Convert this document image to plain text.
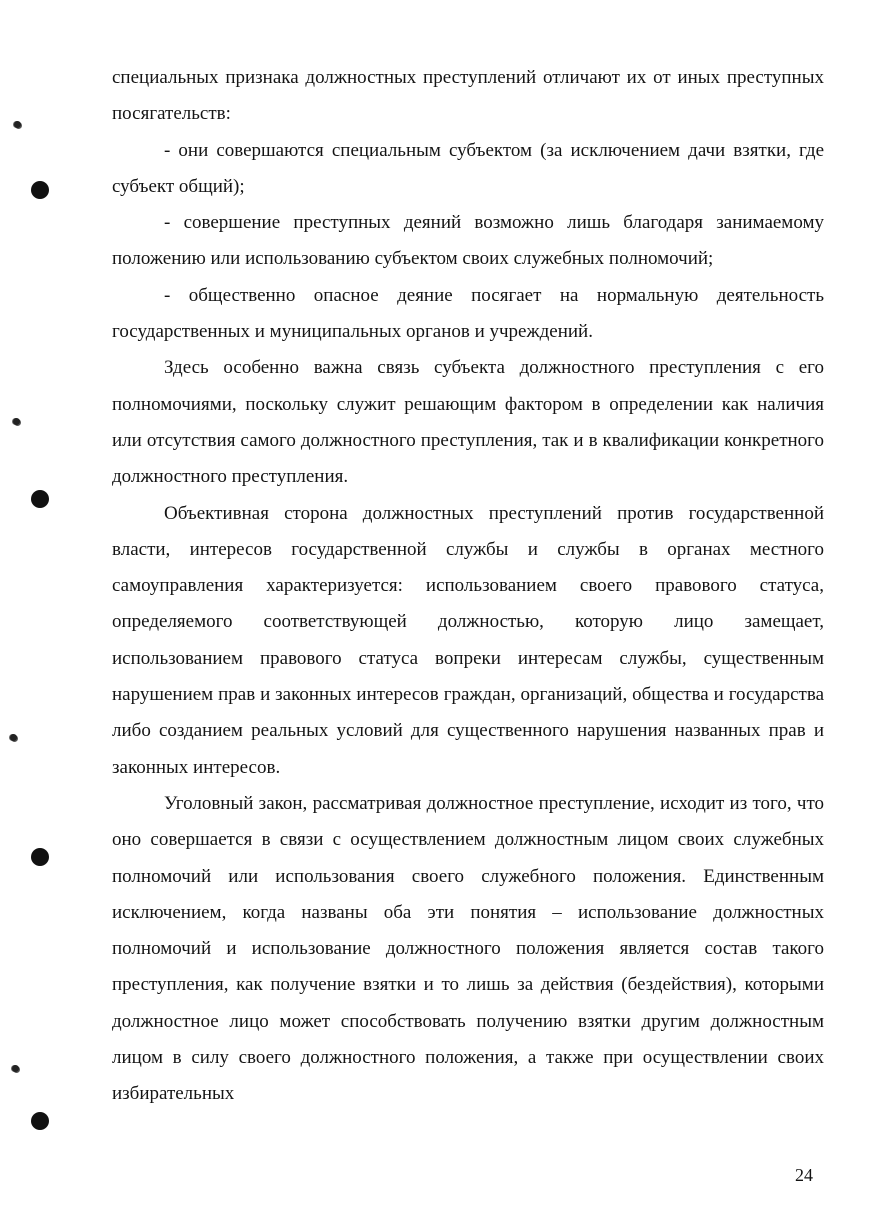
специальных признака должностных преступлений отличают их от иных преступных посягательств:

- они совершаются специальным субъектом (за исключением дачи взятки, где субъект общий);

- совершение преступных деяний возможно лишь благодаря занимаемому положению или использованию субъектом своих служебных полномочий;

- общественно опасное деяние посягает на нормальную деятельность государственных и муниципальных органов и учреждений.

Здесь особенно важна связь субъекта должностного преступления с его полномочиями, поскольку служит решающим фактором в определении как наличия или отсутствия самого должностного преступления, так и в квалификации конкретного должностного преступления.

Объективная сторона должностных преступлений против государственной власти, интересов государственной службы и службы в органах местного самоуправления характеризуется: использованием своего правового статуса, определяемого соответствующей должностью, которую лицо замещает, использованием правового статуса вопреки интересам службы, существенным нарушением прав и законных интересов граждан, организаций, общества и государства либо созданием реальных условий для существенного нарушения названных прав и законных интересов.

Уголовный закон, рассматривая должностное преступление, исходит из того, что оно совершается в связи с осуществлением должностным лицом своих служебных полномочий или использования своего служебного положения. Единственным исключением, когда названы оба эти понятия – использование должностных полномочий и использование должностного положения является состав такого преступления, как получение взятки и то лишь за действия (бездействия), которыми должностное лицо может способствовать получению взятки другим должностным лицом в силу своего должностного положения, а также при осуществлении своих избирательных

24
